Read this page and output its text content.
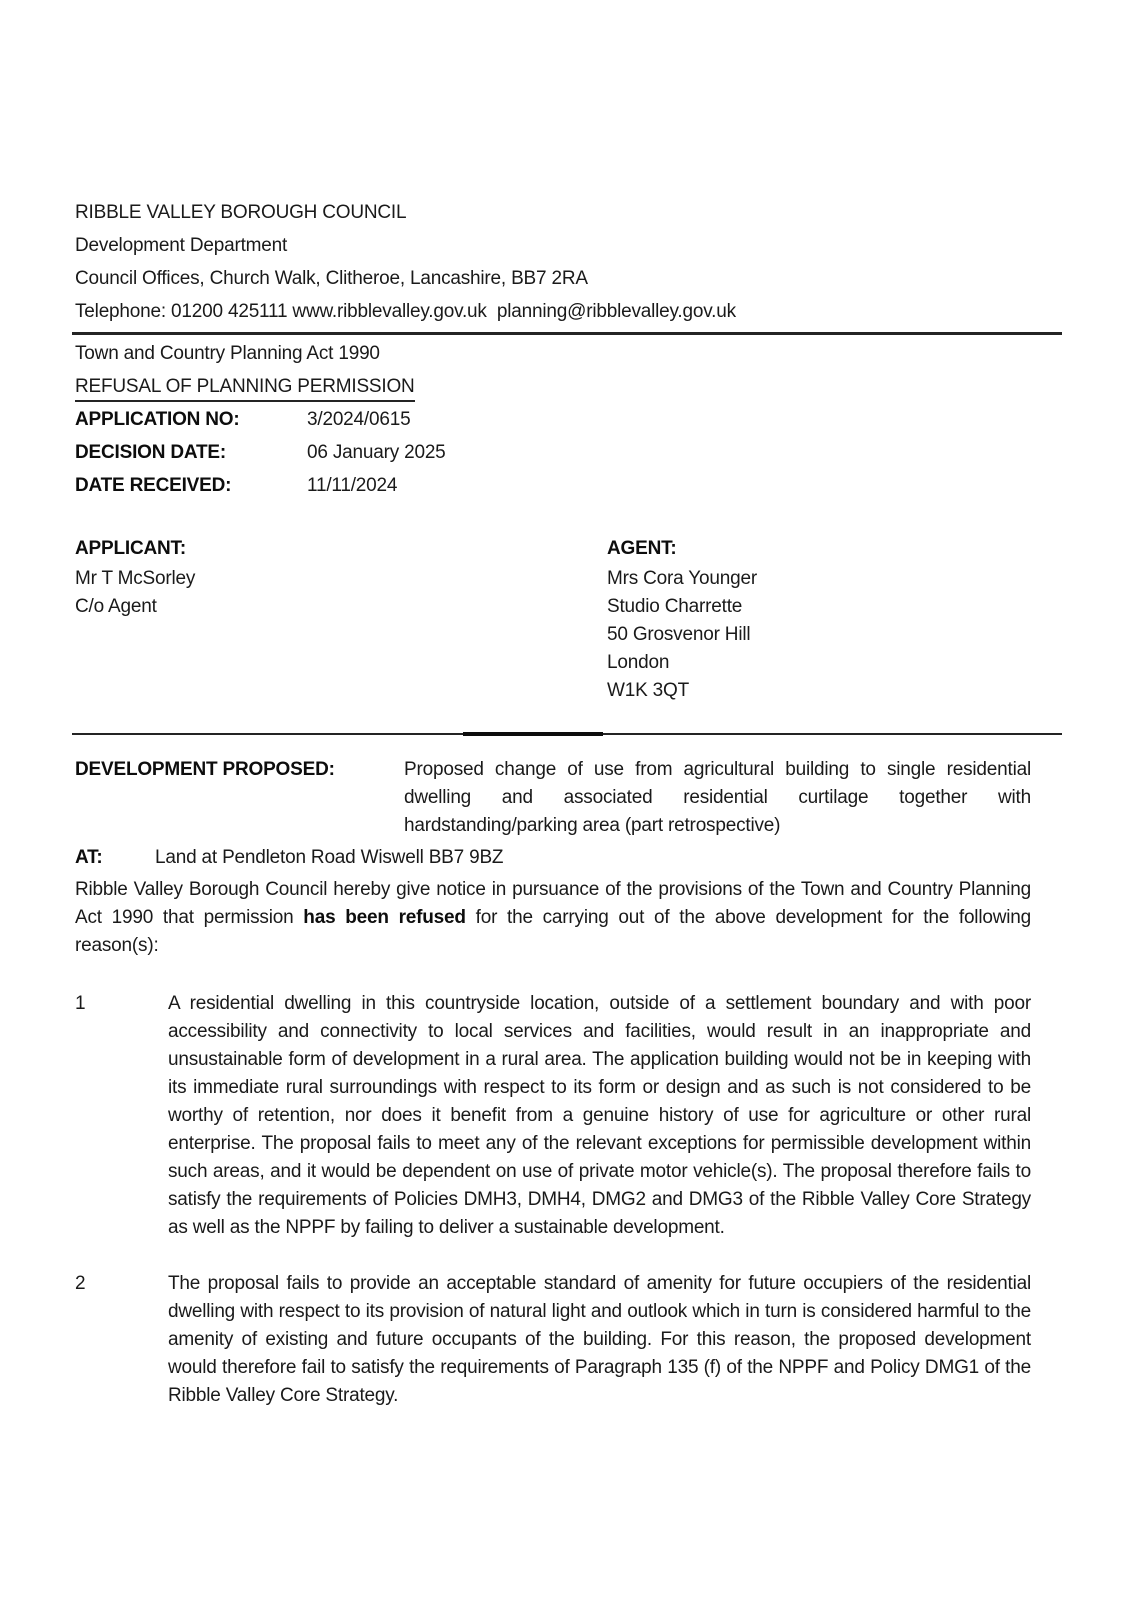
RIBBLE VALLEY BOROUGH COUNCIL
Development Department
Council Offices, Church Walk, Clitheroe, Lancashire, BB7 2RA
Telephone: 01200 425111 www.ribblevalley.gov.uk  planning@ribblevalley.gov.uk
Town and Country Planning Act 1990
REFUSAL OF PLANNING PERMISSION
APPLICATION NO:	3/2024/0615
DECISION DATE:	06 January 2025
DATE RECEIVED:	11/11/2024
APPLICANT:
Mr T McSorley
C/o Agent
AGENT:
Mrs Cora Younger
Studio Charrette
50 Grosvenor Hill
London
W1K 3QT
DEVELOPMENT PROPOSED:	Proposed change of use from agricultural building to single residential dwelling and associated residential curtilage together with hardstanding/parking area (part retrospective)
AT:	Land at Pendleton Road Wiswell BB7 9BZ

Ribble Valley Borough Council hereby give notice in pursuance of the provisions of the Town and Country Planning Act 1990 that permission has been refused for the carrying out of the above development for the following reason(s):

1	A residential dwelling in this countryside location, outside of a settlement boundary and with poor accessibility and connectivity to local services and facilities, would result in an inappropriate and unsustainable form of development in a rural area. The application building would not be in keeping with its immediate rural surroundings with respect to its form or design and as such is not considered to be worthy of retention, nor does it benefit from a genuine history of use for agriculture or other rural enterprise. The proposal fails to meet any of the relevant exceptions for permissible development within such areas, and it would be dependent on use of private motor vehicle(s). The proposal therefore fails to satisfy the requirements of Policies DMH3, DMH4, DMG2 and DMG3 of the Ribble Valley Core Strategy as well as the NPPF by failing to deliver a sustainable development.
2	The proposal fails to provide an acceptable standard of amenity for future occupiers of the residential dwelling with respect to its provision of natural light and outlook which in turn is considered harmful to the amenity of existing and future occupants of the building. For this reason, the proposed development would therefore fail to satisfy the requirements of Paragraph 135 (f) of the NPPF and Policy DMG1 of the Ribble Valley Core Strategy.
